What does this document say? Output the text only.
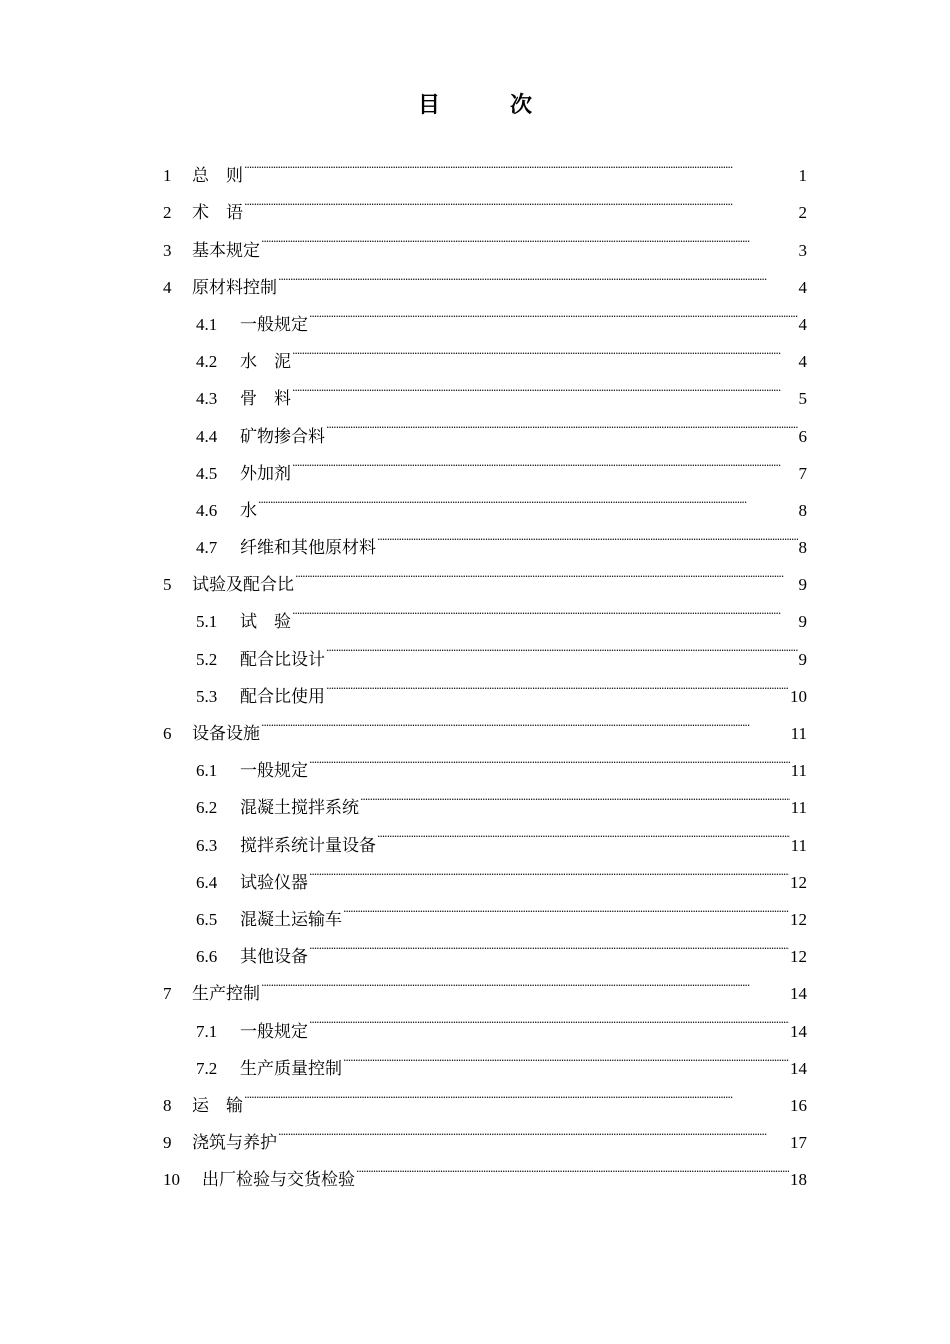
目　次
1	总　则 . . .	1
2	术　语 . . .	2
3	基本规定 . . .	3
4	原材料控制 . . .	4
4.1	一般规定 . . .	4
4.2	水　泥 . . .	4
4.3	骨　料 . . .	5
4.4	矿物掺合料 . . .	6
4.5	外加剂 . . .	7
4.6	水 . . .	8
4.7	纤维和其他原材料 . . .	8
5	试验及配合比 . . .	9
5.1	试　验 . . .	9
5.2	配合比设计 . . .	9
5.3	配合比使用 . . .	10
6	设备设施 . . .	11
6.1	一般规定 . . .	11
6.2	混凝土搅拌系统 . . .	11
6.3	搅拌系统计量设备 . . .	11
6.4	试验仪器 . . .	12
6.5	混凝土运输车 . . .	12
6.6	其他设备 . . .	12
7	生产控制 . . .	14
7.1	一般规定 . . .	14
7.2	生产质量控制 . . .	14
8	运　输 . . .	16
9	浇筑与养护 . . .	17
10	出厂检验与交货检验 . . .	18
